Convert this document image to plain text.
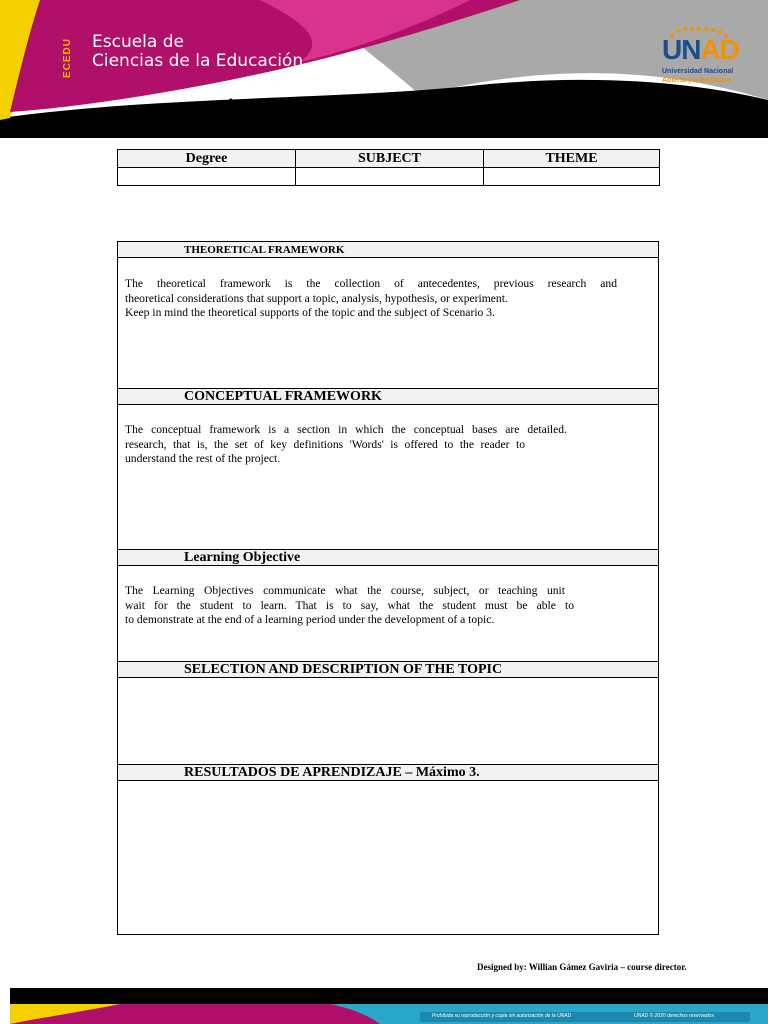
ECEDU Escuela de
Ciencias de la Educación
Annex 4 'S
UNAD
Universidad Nacional
Abierta y a Distancia
Degree	SUBJECT	THEME

THEORETICAL FRAMEWORK

The theoretical framework is the collection of antecedentes, previous research and

theoretical considerations that support a topic, analysis, hypothesis, or experiment.

Keep in mind the theoretical supports of the topic and the subject of Scenario 3.

CONCEPTUAL FRAMEWORK

The conceptual framework is a section in which the conceptual bases are detailed.

research, that is, the set of key definitions 'Words' is offered to the reader to

understand the rest of the project.

Learning Objective

The Learning Objectives communicate what the course, subject, or teaching unit

wait for the student to learn. That is to say, what the student must be able to

to demonstrate at the end of a learning period under the development of a topic.

SELECTION AND DESCRIPTION OF THE TOPIC
RESULTADOS DE APRENDIZAJE – Máximo 3.
Designed by: Willian Gámez Gaviria – course director.
Prohibida su reproducción y copia sin autorización de la UNAD	UNAD © 2020 derechos reservados
